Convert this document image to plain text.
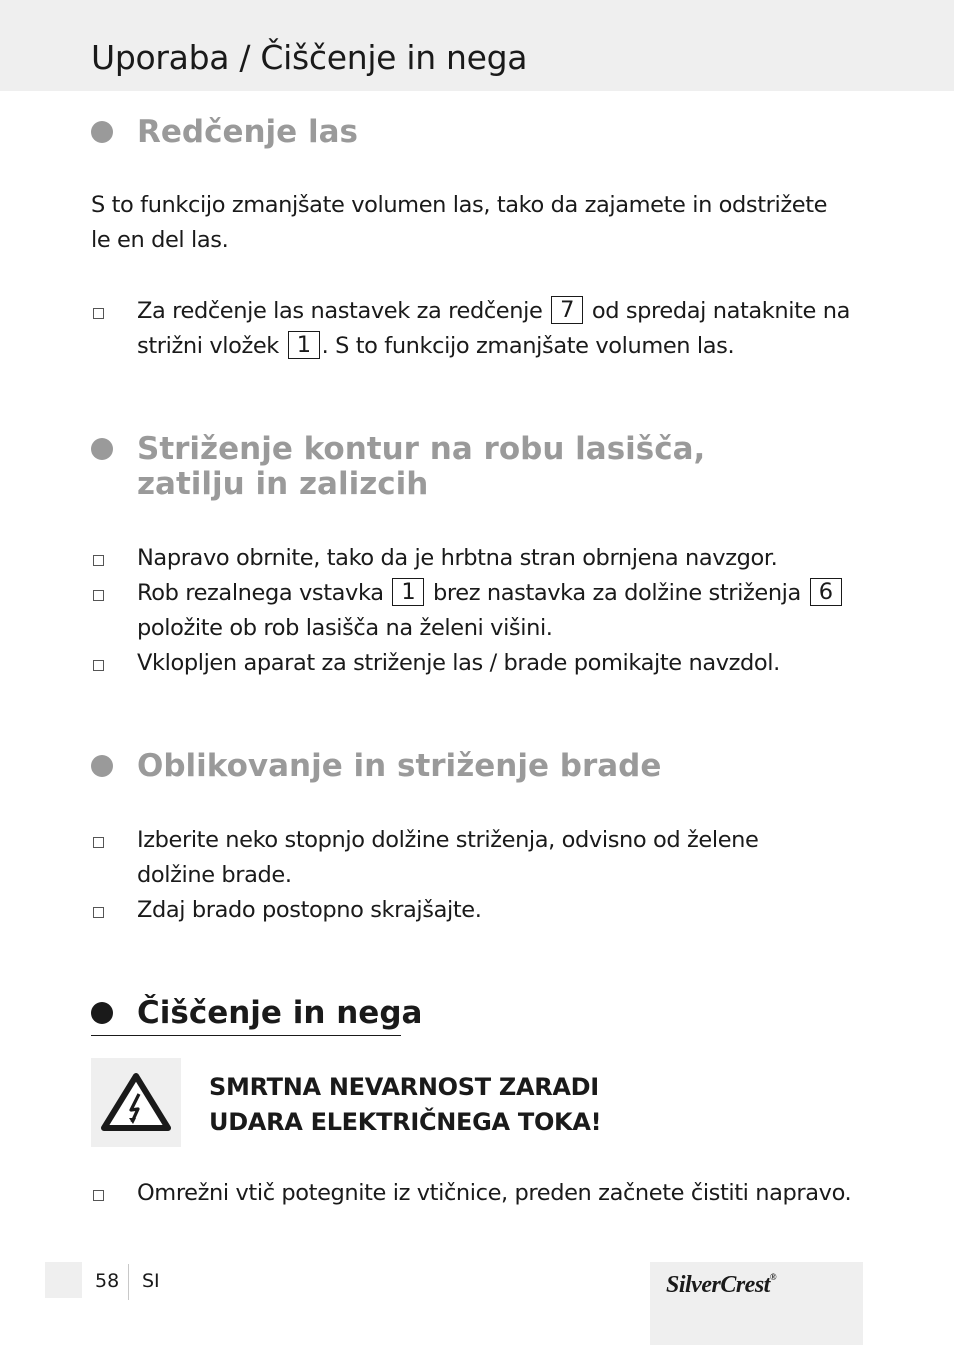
Uporaba / Čiščenje in nega
Redčenje las
S to funkcijo zmanjšate volumen las, tako da zajamete in odstrižete
le en del las.
Za redčenje las nastavek za redčenje 7 od spredaj nataknite na
strižni vložek 1 . S to funkcijo zmanjšate volumen las.
Striženje kontur na robu lasišča,
zatilju in zalizcih
Napravo obrnite, tako da je hrbtna stran obrnjena navzgor.
Rob rezalnega vstavka 1 brez nastavka za dolžine striženja 6
položite ob rob lasišča na želeni višini.
Vklopljen aparat za striženje las / brade pomikajte navzdol.
Oblikovanje in striženje brade
Izberite neko stopnjo dolžine striženja, odvisno od želene
dolžine brade.
Zdaj brado postopno skrajšajte.
Čiščenje in nega
SMRTNA NEVARNOST ZARADI
UDARA ELEKTRIČNEGA TOKA!
Omrežni vtič potegnite iz vtičnice, preden začnete čistiti napravo.
58 SI	SilverCrest®
